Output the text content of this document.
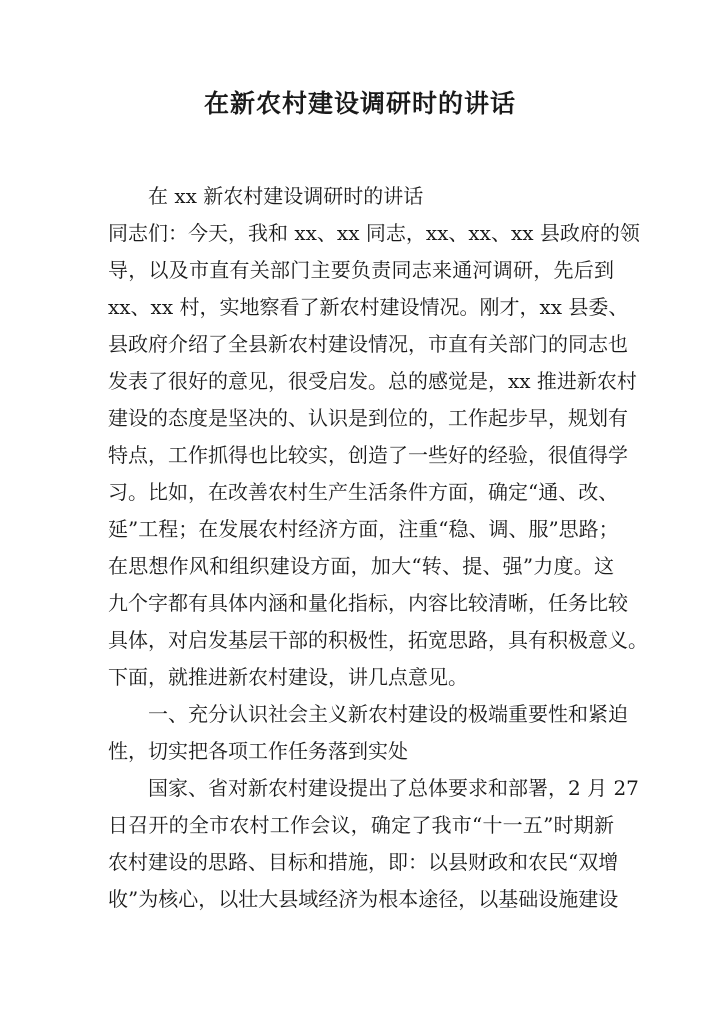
在新农村建设调研时的讲话
在 xx 新农村建设调研时的讲话
同志们：今天，我和 xx、xx 同志，xx、xx、xx 县政府的领
导，以及市直有关部门主要负责同志来通河调研，先后到
xx、xx 村，实地察看了新农村建设情况。刚才，xx 县委、
县政府介绍了全县新农村建设情况，市直有关部门的同志也
发表了很好的意见，很受启发。总的感觉是，xx 推进新农村
建设的态度是坚决的、认识是到位的，工作起步早，规划有
特点，工作抓得也比较实，创造了一些好的经验，很值得学
习。比如，在改善农村生产生活条件方面，确定“通、改、
延”工程；在发展农村经济方面，注重“稳、调、服”思路；
在思想作风和组织建设方面，加大“转、提、强”力度。这
九个字都有具体内涵和量化指标，内容比较清晰，任务比较
具体，对启发基层干部的积极性，拓宽思路，具有积极意义。
下面，就推进新农村建设，讲几点意见。
一、充分认识社会主义新农村建设的极端重要性和紧迫
性，切实把各项工作任务落到实处
国家、省对新农村建设提出了总体要求和部署，2 月 27
日召开的全市农村工作会议，确定了我市“十一五”时期新
农村建设的思路、目标和措施，即：以县财政和农民“双增
收”为核心，以壮大县域经济为根本途径，以基础设施建设
